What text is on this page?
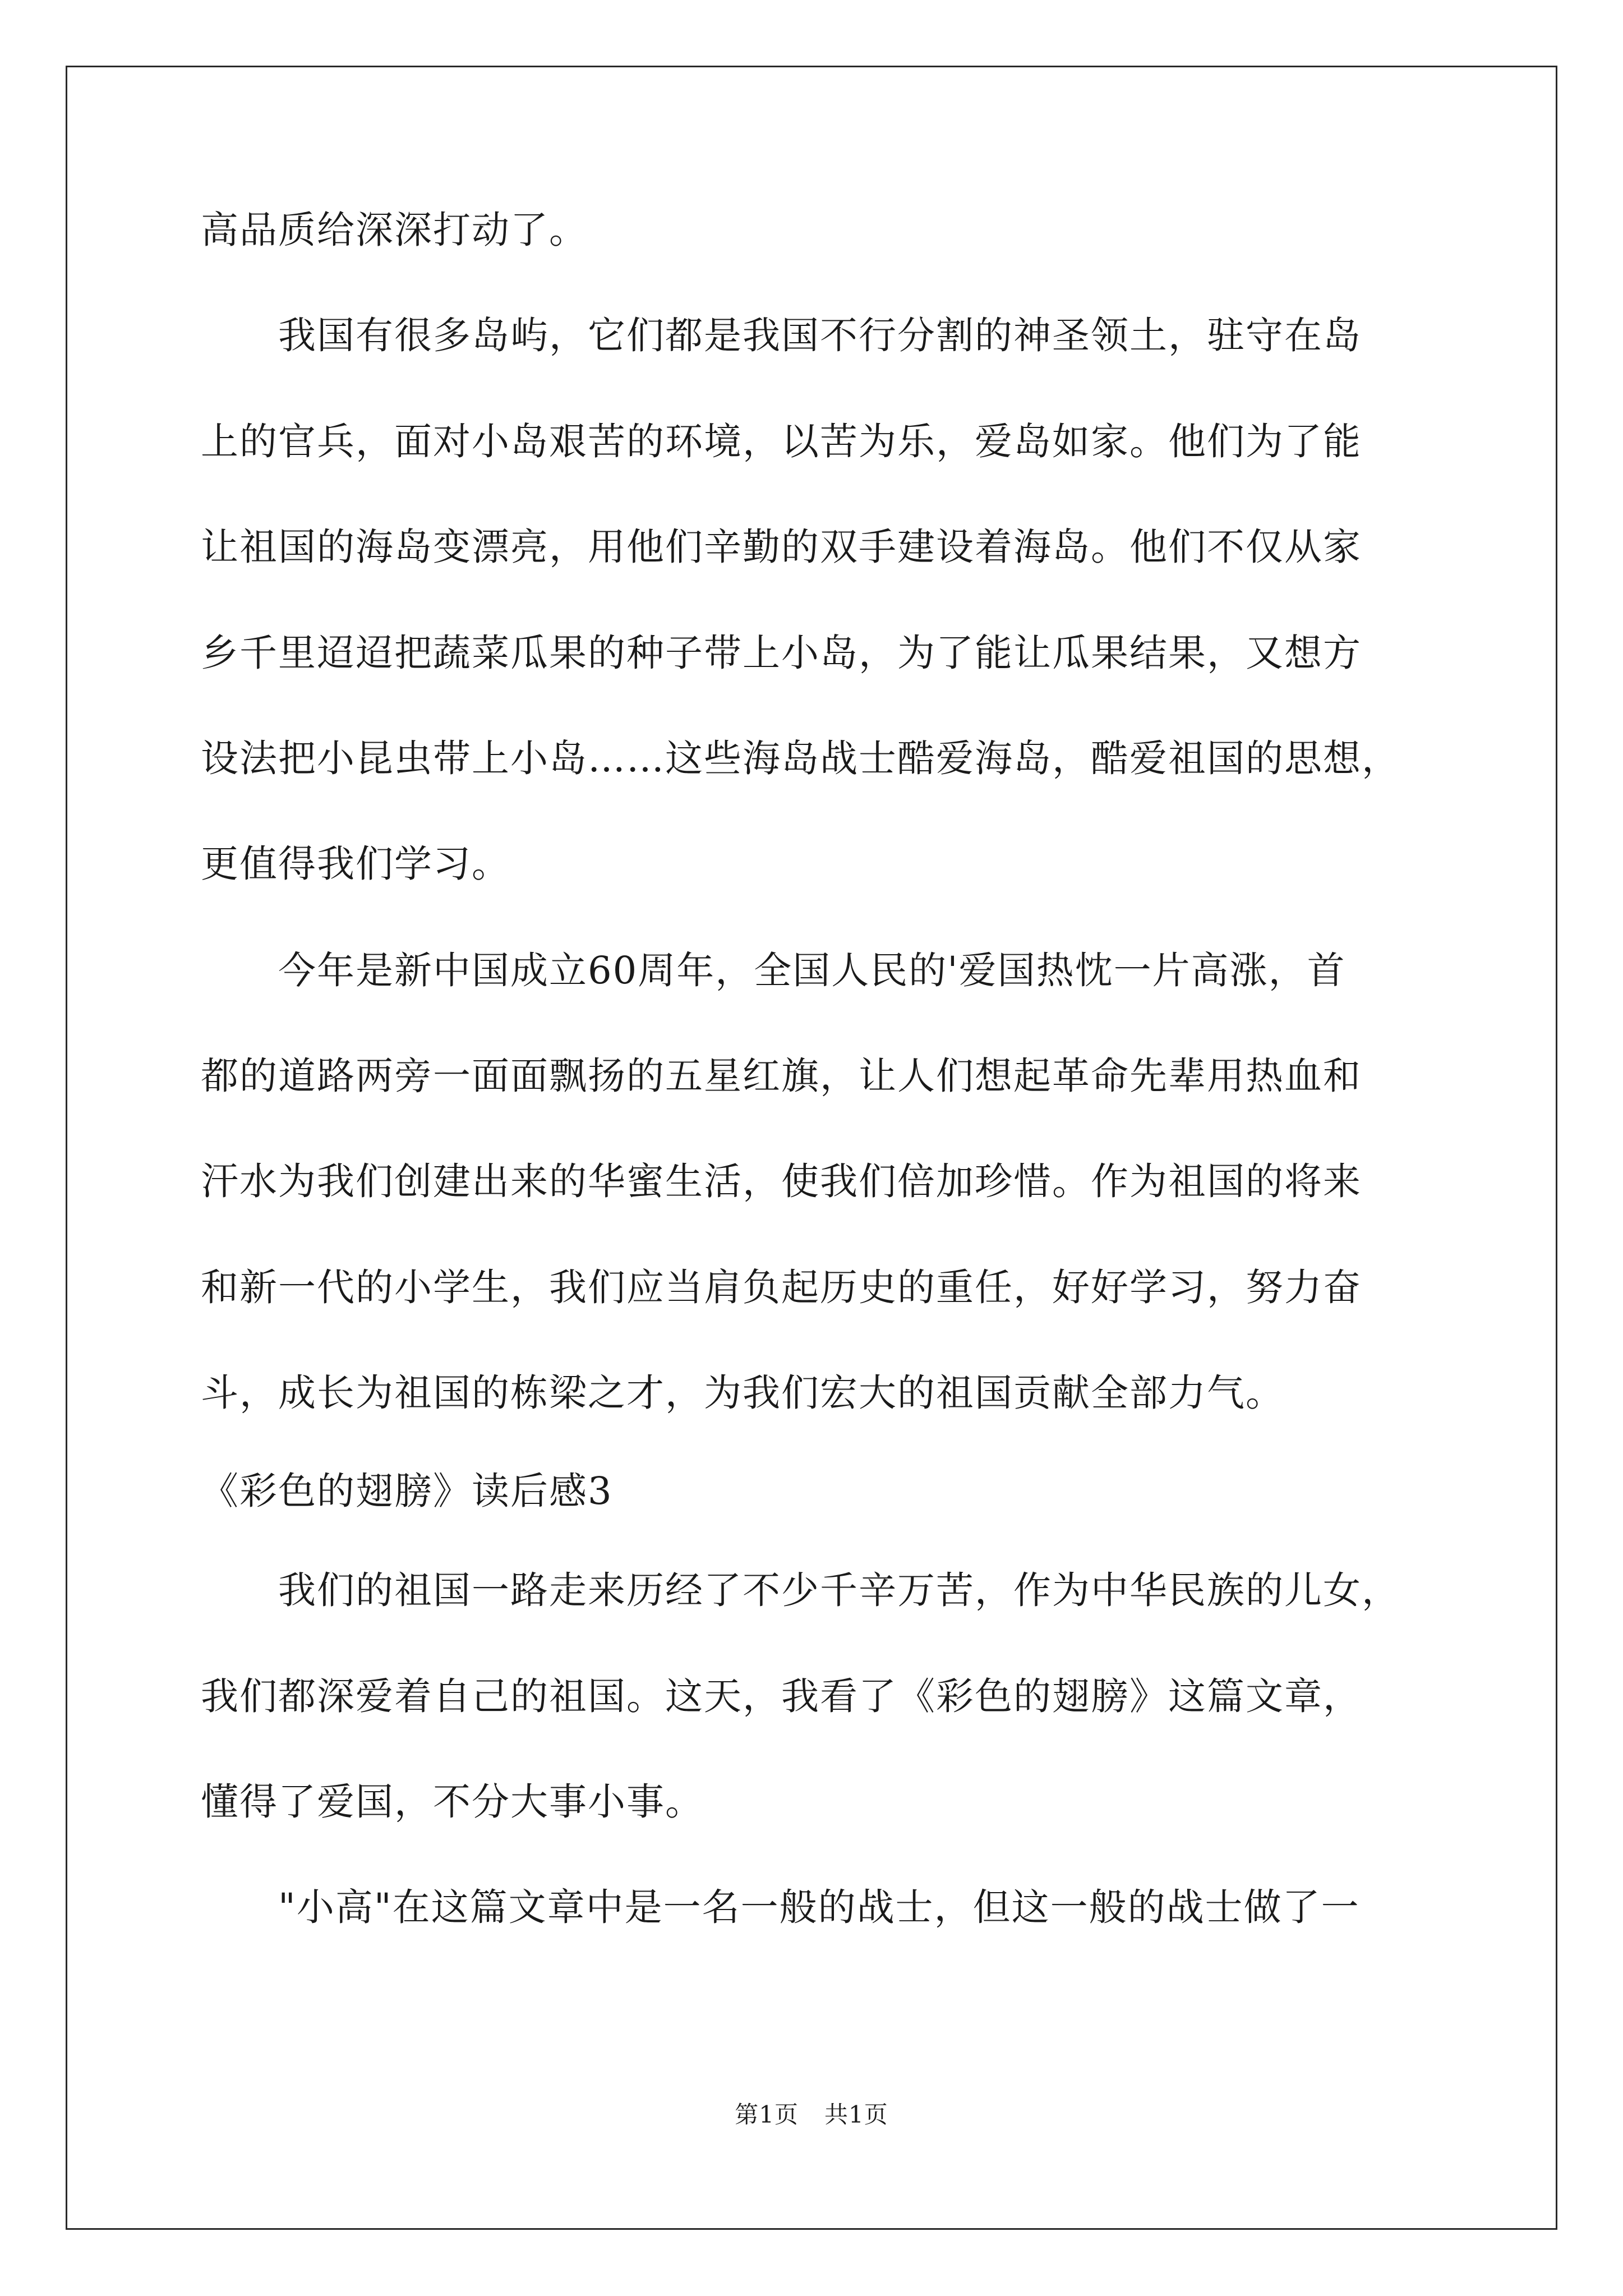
高品质给深深打动了。
　　我国有很多岛屿，它们都是我国不行分割的神圣领土，驻守在岛
上的官兵，面对小岛艰苦的环境，以苦为乐，爱岛如家。他们为了能
让祖国的海岛变漂亮，用他们辛勤的双手建设着海岛。他们不仅从家
乡千里迢迢把蔬菜瓜果的种子带上小岛，为了能让瓜果结果，又想方
设法把小昆虫带上小岛……这些海岛战士酷爱海岛，酷爱祖国的思想，
更值得我们学习。
　　今年是新中国成立60周年，全国人民的'爱国热忱一片高涨，首
都的道路两旁一面面飘扬的五星红旗，让人们想起革命先辈用热血和
汗水为我们创建出来的华蜜生活，使我们倍加珍惜。作为祖国的将来
和新一代的小学生，我们应当肩负起历史的重任，好好学习，努力奋
斗，成长为祖国的栋梁之才，为我们宏大的祖国贡献全部力气。
《彩色的翅膀》读后感3
　　我们的祖国一路走来历经了不少千辛万苦，作为中华民族的儿女，
我们都深爱着自己的祖国。这天，我看了《彩色的翅膀》这篇文章，
懂得了爱国，不分大事小事。
　　"小高"在这篇文章中是一名一般的战士，但这一般的战士做了一
第1页 共1页
